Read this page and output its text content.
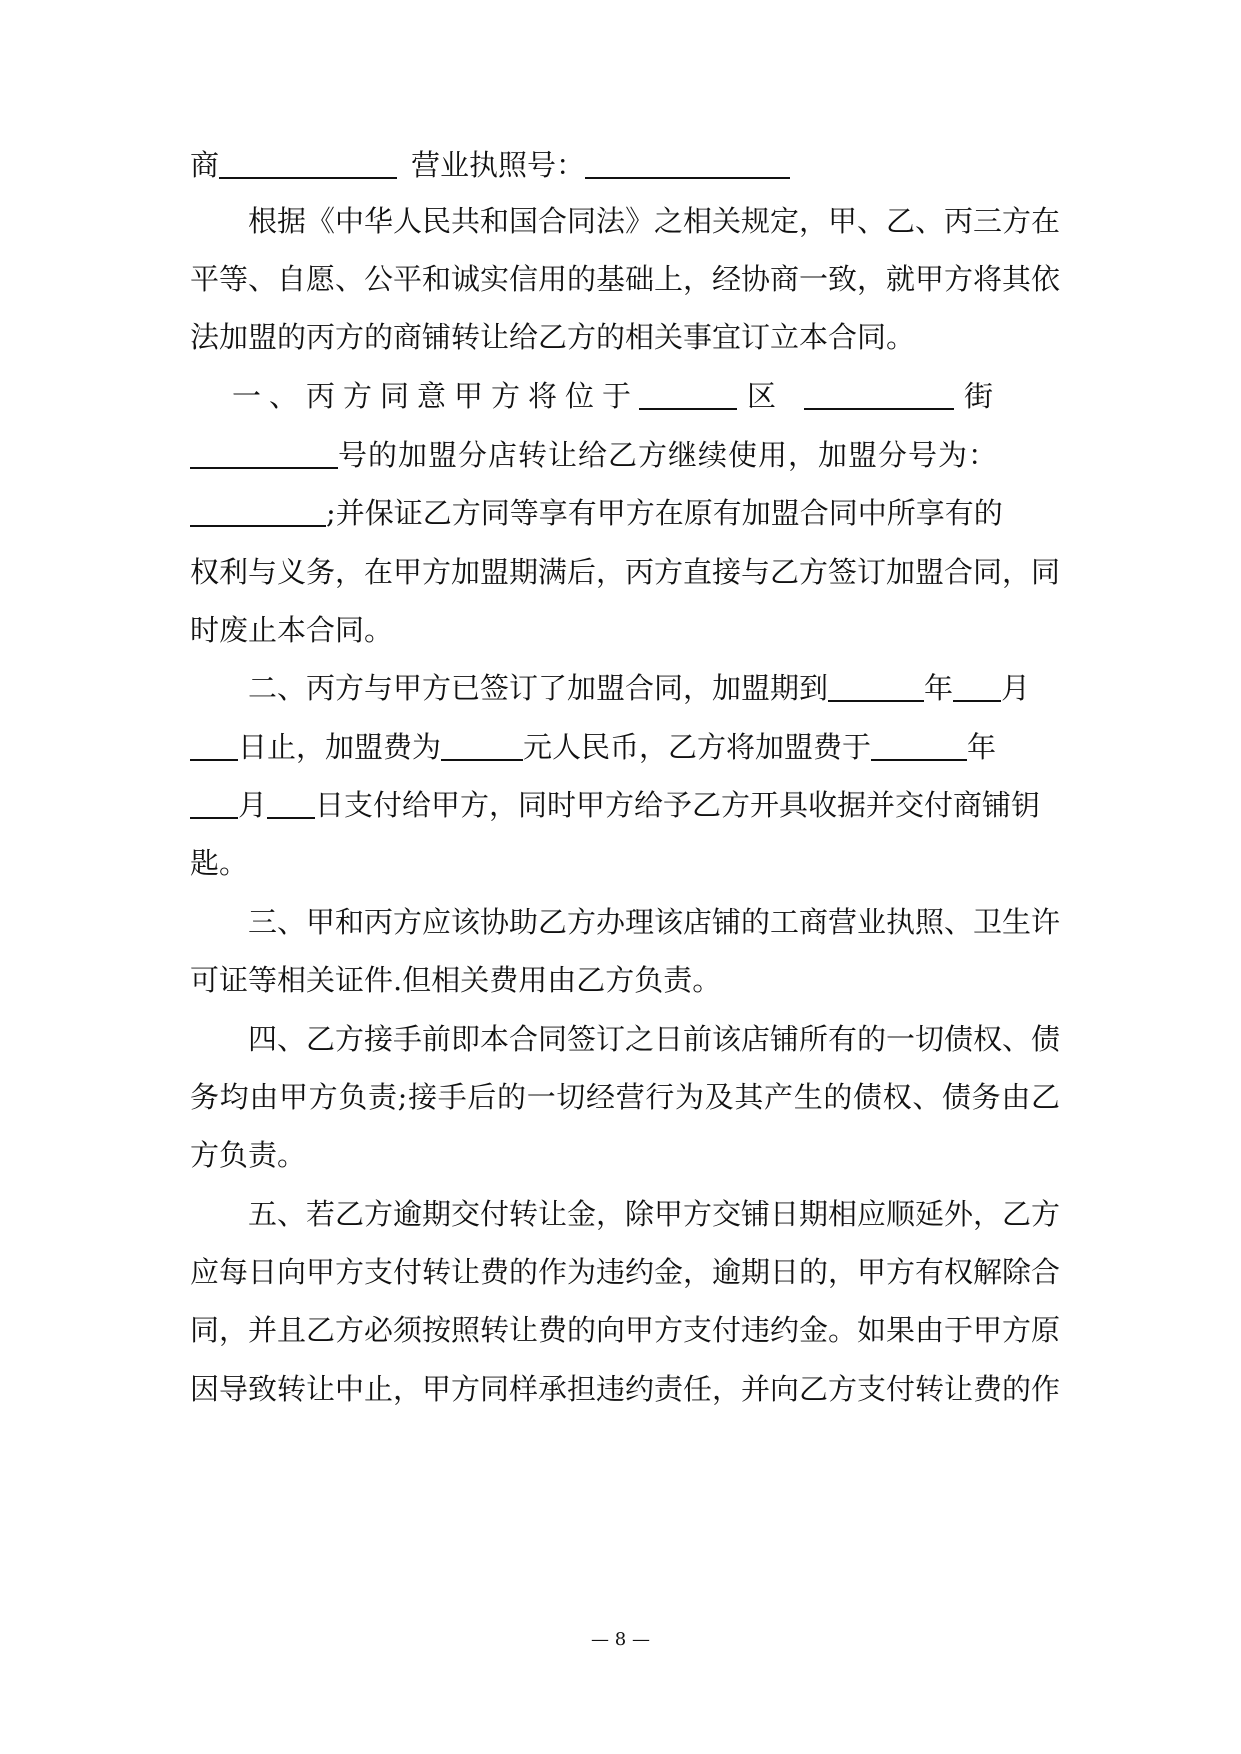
商	营业执照号：
根据《中华人民共和国合同法》之相关规定，甲、乙、丙三方在
平等、自愿、公平和诚实信用的基础上，经协商一致，就甲方将其依
法加盟的丙方的商铺转让给乙方的相关事宜订立本合同。
一、丙方同意甲方将位于	区	街
号的加盟分店转让给乙方继续使用，加盟分号为：
;并保证乙方同等享有甲方在原有加盟合同中所享有的
权利与义务，在甲方加盟期满后，丙方直接与乙方签订加盟合同，同
时废止本合同。
二、丙方与甲方已签订了加盟合同，加盟期到	年 月
日止，加盟费为	元人民币，乙方将加盟费于	年
月 日支付给甲方，同时甲方给予乙方开具收据并交付商铺钥
匙。
三、甲和丙方应该协助乙方办理该店铺的工商营业执照、卫生许
可证等相关证件.但相关费用由乙方负责。
四、乙方接手前即本合同签订之日前该店铺所有的一切债权、债
务均由甲方负责;接手后的一切经营行为及其产生的债权、债务由乙
方负责。
五、若乙方逾期交付转让金，除甲方交铺日期相应顺延外，乙方
应每日向甲方支付转让费的作为违约金，逾期日的，甲方有权解除合
同，并且乙方必须按照转让费的向甲方支付违约金。如果由于甲方原
因导致转让中止，甲方同样承担违约责任，并向乙方支付转让费的作
— 8 —
